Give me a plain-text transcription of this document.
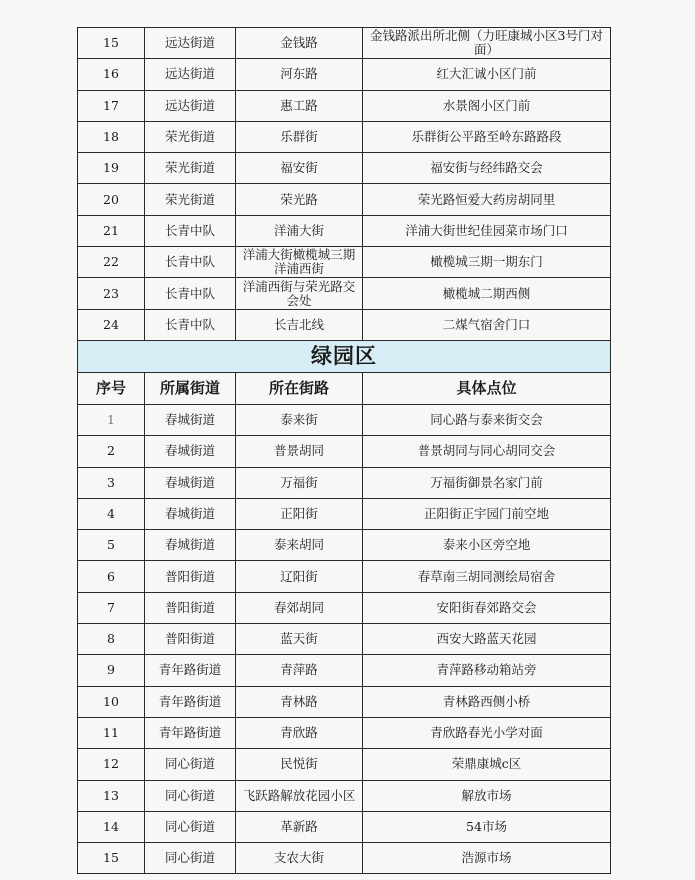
15	远达街道	金钱路	金钱路派出所北侧（力旺康城小区3号门对面）
16	远达街道	河东路	红大汇诚小区门前
17	远达街道	惠工路	水景阁小区门前
18	荣光街道	乐群街	乐群街公平路至岭东路路段
19	荣光街道	福安街	福安街与经纬路交会
20	荣光街道	荣光路	荣光路恒爱大药房胡同里
21	长青中队	洋浦大街	洋浦大街世纪佳园菜市场门口
22	长青中队	洋浦大街橄榄城三期洋浦西街	橄榄城三期一期东门
23	长青中队	洋浦西街与荣光路交会处	橄榄城二期西侧
24	长青中队	长吉北线	二煤气宿舍门口
绿园区			
序号	所属街道	所在街路	具体点位
1	春城街道	泰来街	同心路与泰来街交会
2	春城街道	普景胡同	普景胡同与同心胡同交会
3	春城街道	万福街	万福街御景名家门前
4	春城街道	正阳街	正阳街正宇园门前空地
5	春城街道	泰来胡同	泰来小区旁空地
6	普阳街道	辽阳街	春草南三胡同测绘局宿舍
7	普阳街道	春郊胡同	安阳街春郊路交会
8	普阳街道	蓝天街	西安大路蓝天花园
9	青年路街道	青萍路	青萍路移动箱站旁
10	青年路街道	青林路	青林路西侧小桥
11	青年路街道	青欣路	青欣路春光小学对面
12	同心街道	民悦街	荣鼎康城c区
13	同心街道	飞跃路解放花园小区	解放市场
14	同心街道	革新路	54市场
15	同心街道	支农大街	浩源市场
